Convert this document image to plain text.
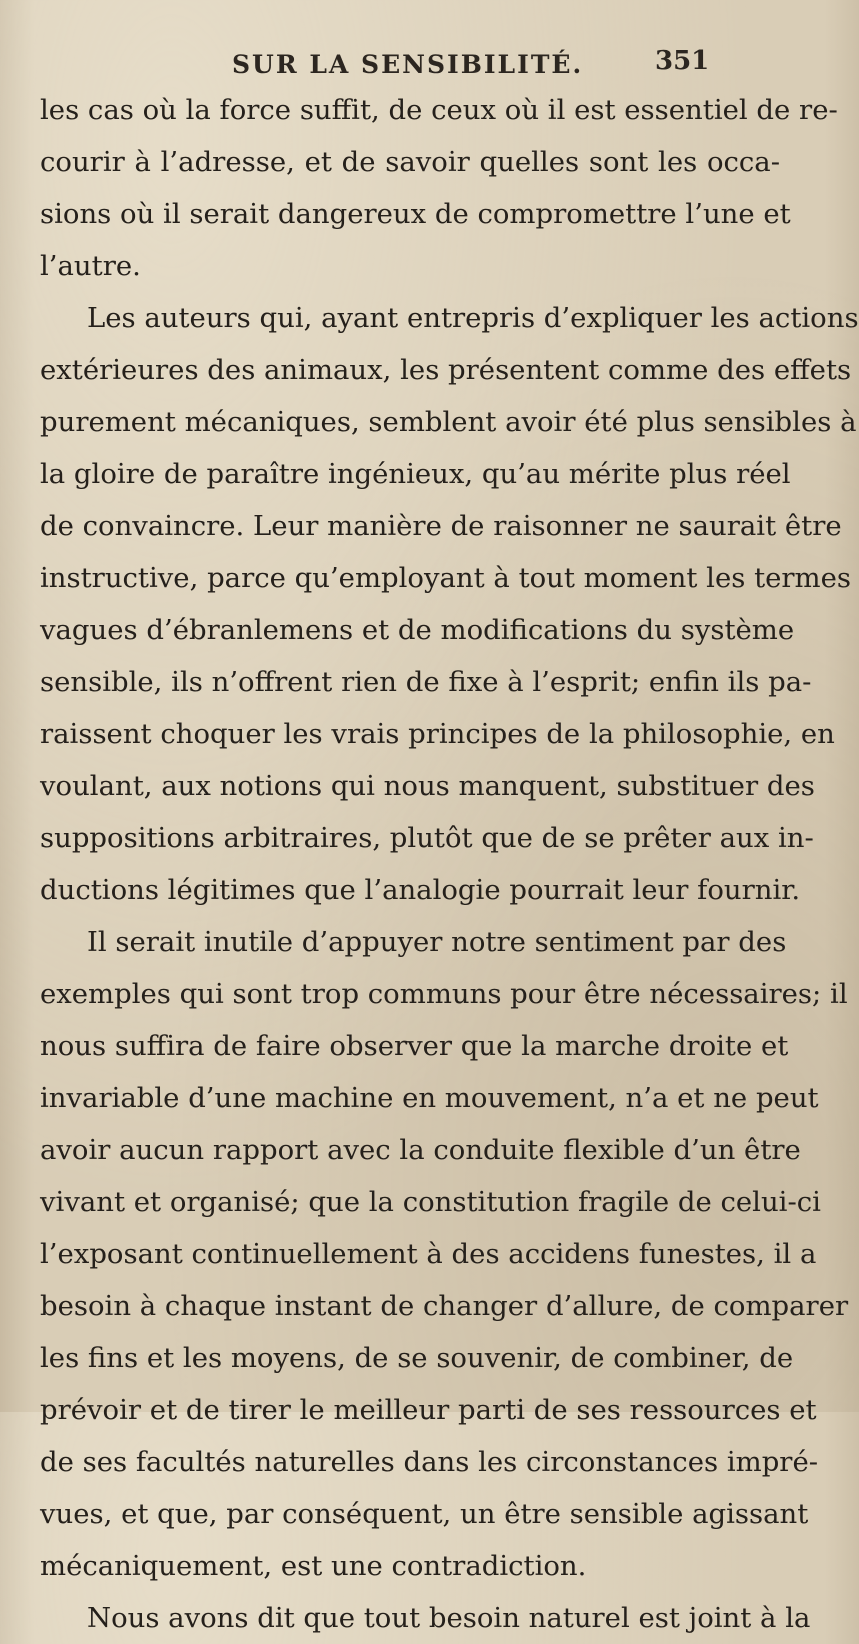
SUR LA SENSIBILITÉ.	351
les cas où la force suffit, de ceux où il est essentiel de re-
courir à l’adresse, et de savoir quelles sont les occa-
sions où il serait dangereux de compromettre l’une et
l’autre.
Les auteurs qui, ayant entrepris d’expliquer les actions
extérieures des animaux, les présentent comme des effets
purement mécaniques, semblent avoir été plus sensibles à
la gloire de paraître ingénieux, qu’au mérite plus réel
de convaincre. Leur manière de raisonner ne saurait être
instructive, parce qu’employant à tout moment les termes
vagues d’ébranlemens et de modifications du système
sensible, ils n’offrent rien de fixe à l’esprit; enfin ils pa-
raissent choquer les vrais principes de la philosophie, en
voulant, aux notions qui nous manquent, substituer des
suppositions arbitraires, plutôt que de se prêter aux in-
ductions légitimes que l’analogie pourrait leur fournir.
Il serait inutile d’appuyer notre sentiment par des
exemples qui sont trop communs pour être nécessaires; il
nous suffira de faire observer que la marche droite et
invariable d’une machine en mouvement, n’a et ne peut
avoir aucun rapport avec la conduite flexible d’un être
vivant et organisé; que la constitution fragile de celui-ci
l’exposant continuellement à des accidens funestes, il a
besoin à chaque instant de changer d’allure, de comparer
les fins et les moyens, de se souvenir, de combiner, de
prévoir et de tirer le meilleur parti de ses ressources et
de ses facultés naturelles dans les circonstances impré-
vues, et que, par conséquent, un être sensible agissant
mécaniquement, est une contradiction.
Nous avons dit que tout besoin naturel est joint à la
